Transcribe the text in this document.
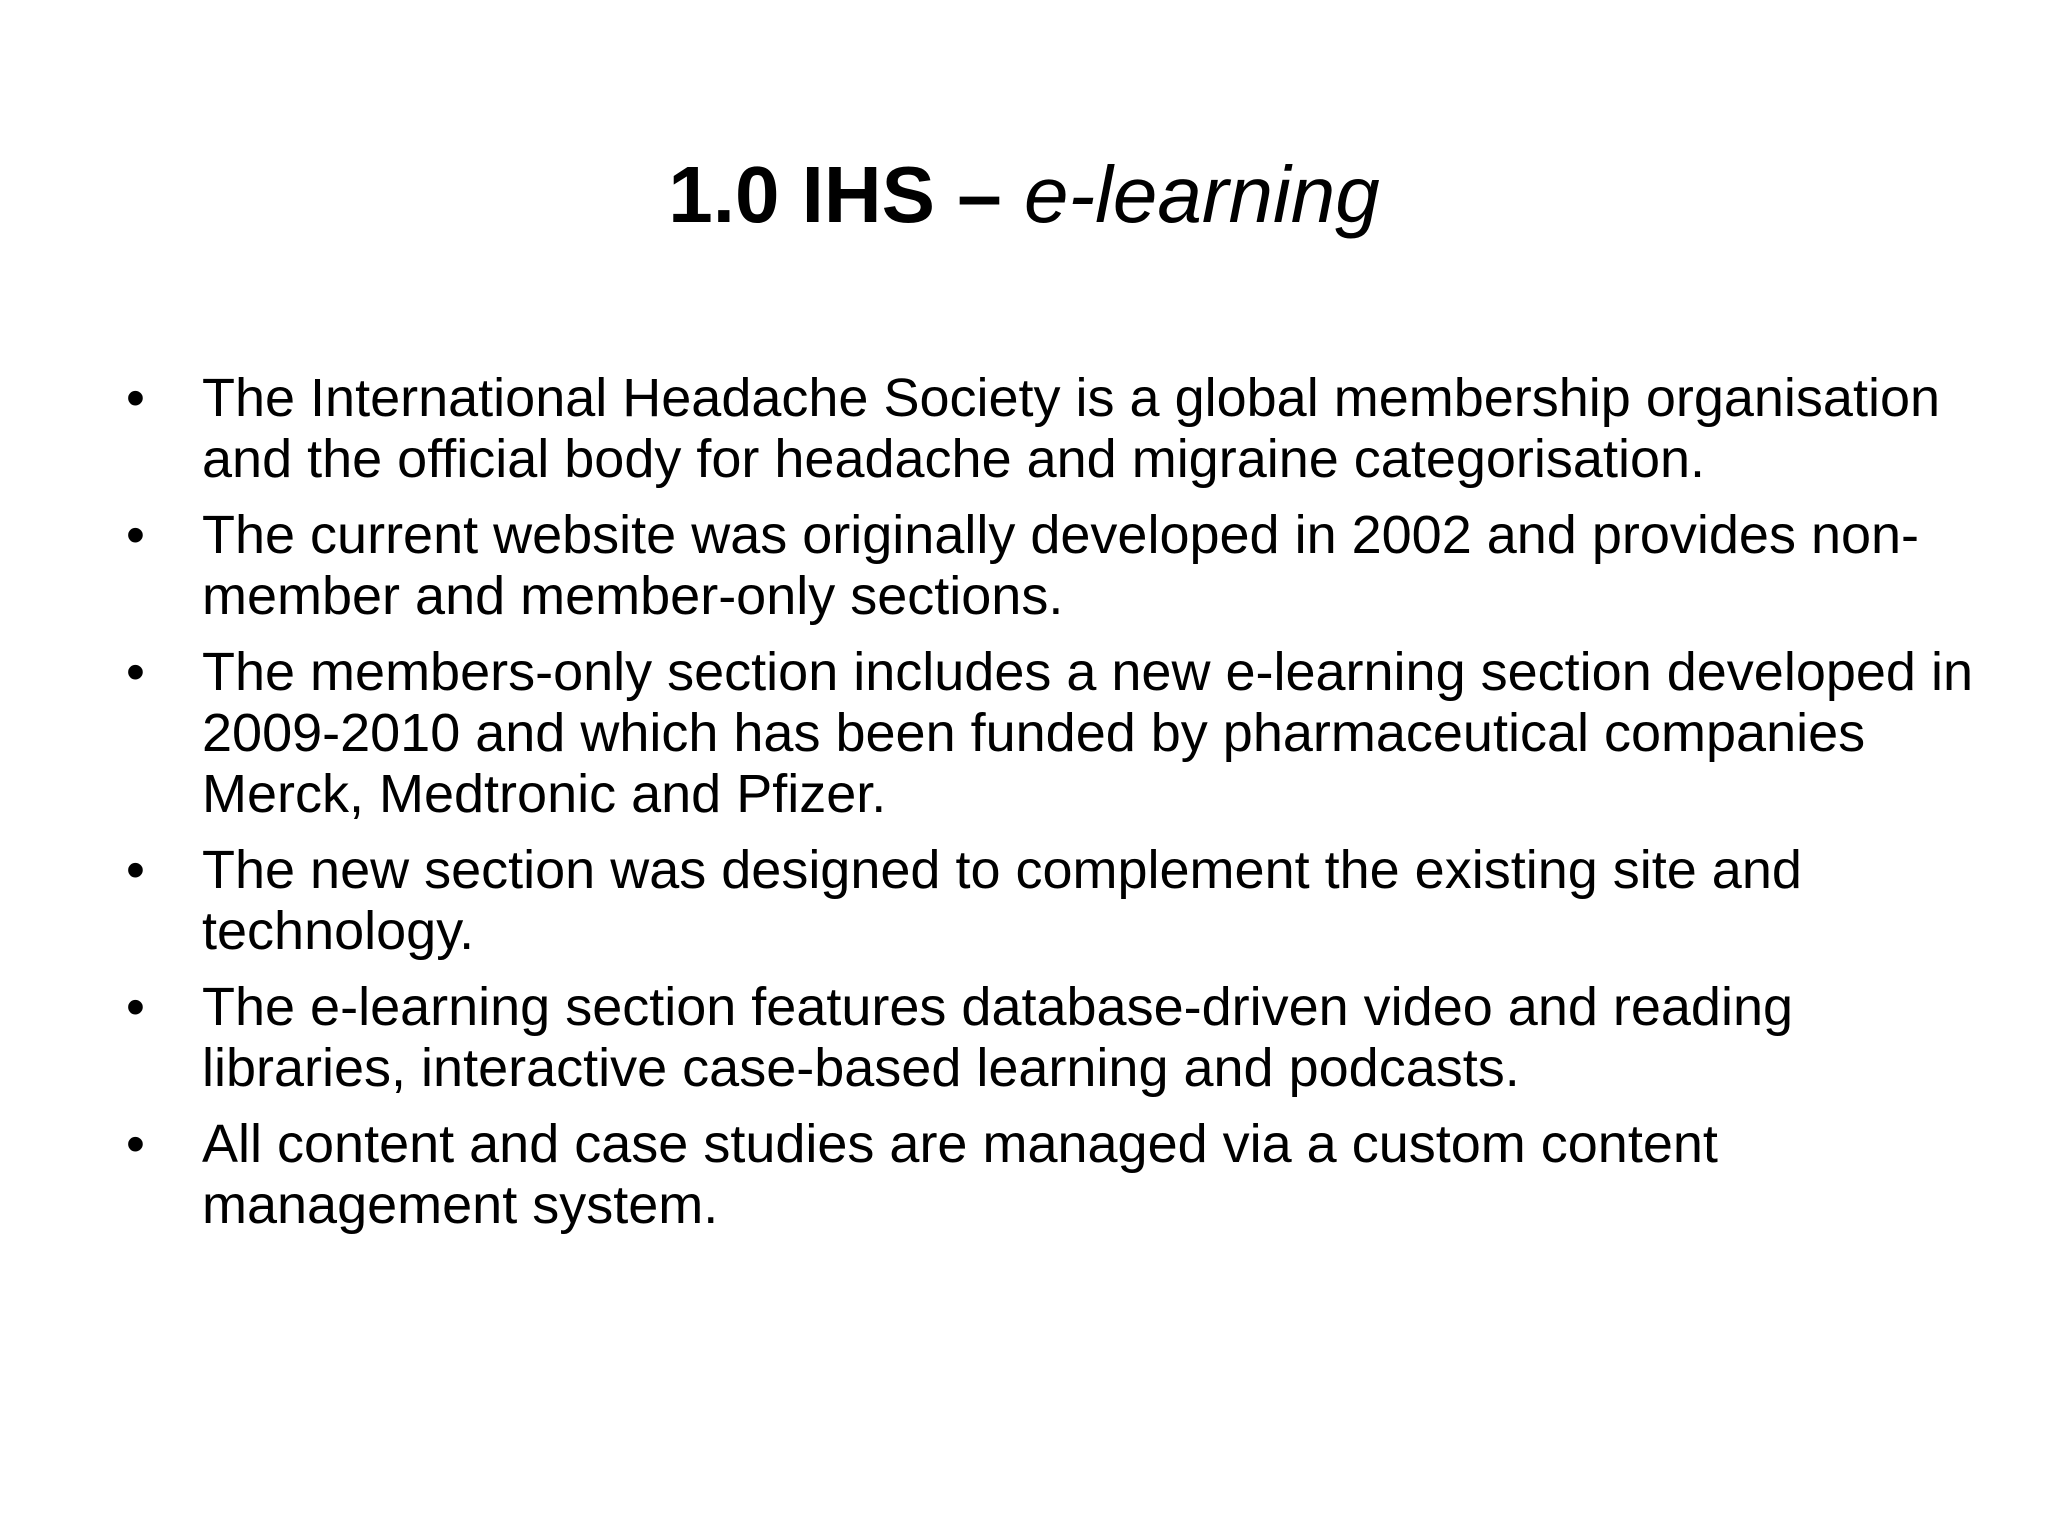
1.0 IHS – e-learning
• The International Headache Society is a global membership organisation and the official body for headache and migraine categorisation.
• The current website was originally developed in 2002 and provides non-member and member-only sections.
• The members-only section includes a new e-learning section developed in 2009-2010 and which has been funded by pharmaceutical companies Merck, Medtronic and Pfizer.
• The new section was designed to complement the existing site and technology.
• The e-learning section features database-driven video and reading libraries, interactive case-based learning and podcasts.
• All content and case studies are managed via a custom content management system.
